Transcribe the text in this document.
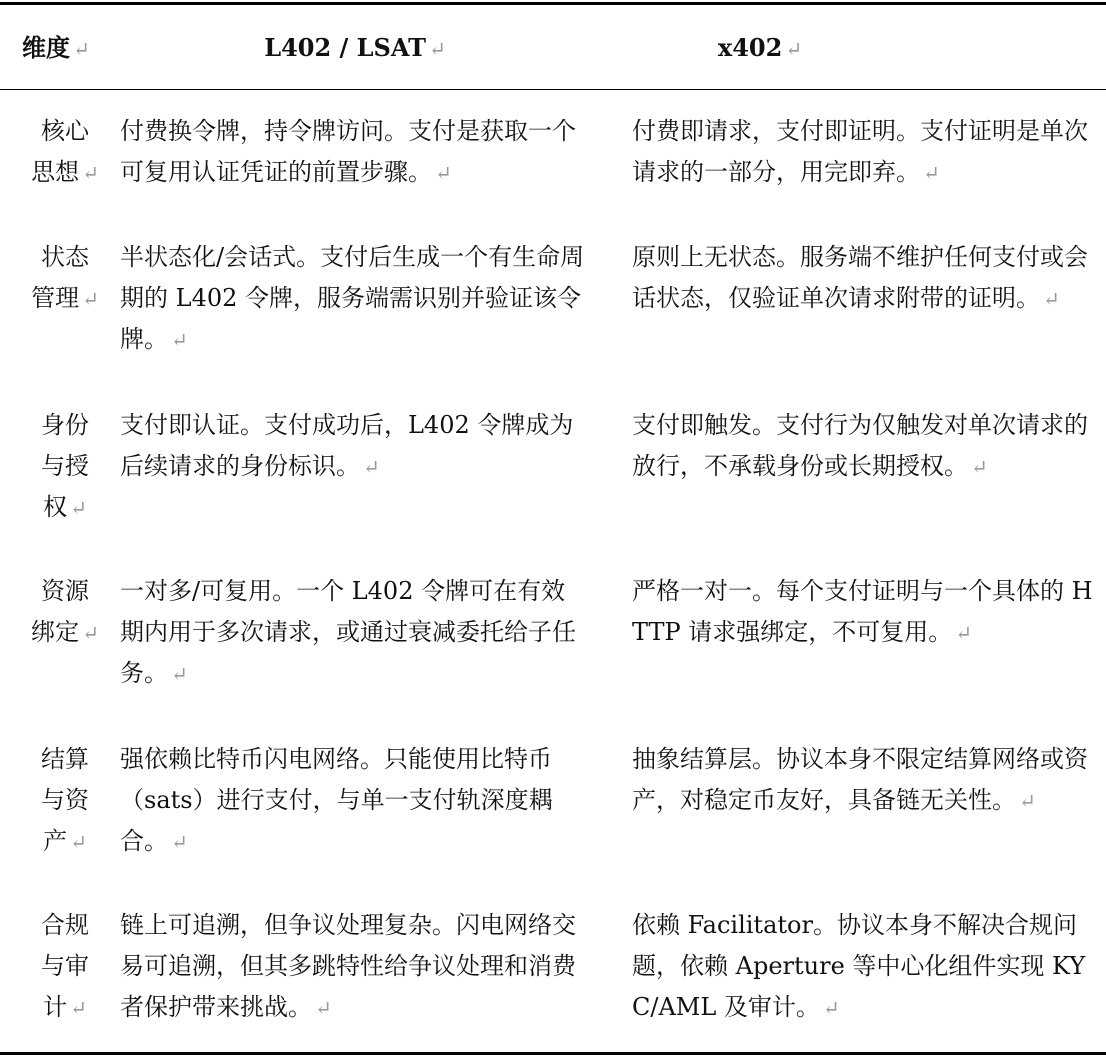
维度 ↵	L402 / LSAT ↵	x402 ↵
核心
思想 ↵
付费换令牌，持令牌访问。支付是获取一个可复用认证凭证的前置步骤。 ↵
付费即请求，支付即证明。支付证明是单次请求的一部分，用完即弃。 ↵
状态
管理 ↵
半状态化/会话式。支付后生成一个有生命周期的 L402 令牌，服务端需识别并验证该令牌。 ↵
原则上无状态。服务端不维护任何支付或会话状态，仅验证单次请求附带的证明。 ↵
身份
与授
权 ↵
支付即认证。支付成功后，L402 令牌成为后续请求的身份标识。 ↵
支付即触发。支付行为仅触发对单次请求的放行，不承载身份或长期授权。 ↵
资源
绑定 ↵
一对多/可复用。一个 L402 令牌可在有效期内用于多次请求，或通过衰减委托给子任务。 ↵
严格一对一。每个支付证明与一个具体的 HTTP 请求强绑定，不可复用。 ↵
结算
与资
产 ↵
强依赖比特币闪电网络。只能使用比特币（sats）进行支付，与单一支付轨深度耦合。 ↵
抽象结算层。协议本身不限定结算网络或资产，对稳定币友好，具备链无关性。 ↵
合规
与审
计 ↵
链上可追溯，但争议处理复杂。闪电网络交易可追溯，但其多跳特性给争议处理和消费者保护带来挑战。 ↵
依赖 Facilitator。协议本身不解决合规问题，依赖 Aperture 等中心化组件实现 KYC/AML 及审计。 ↵
